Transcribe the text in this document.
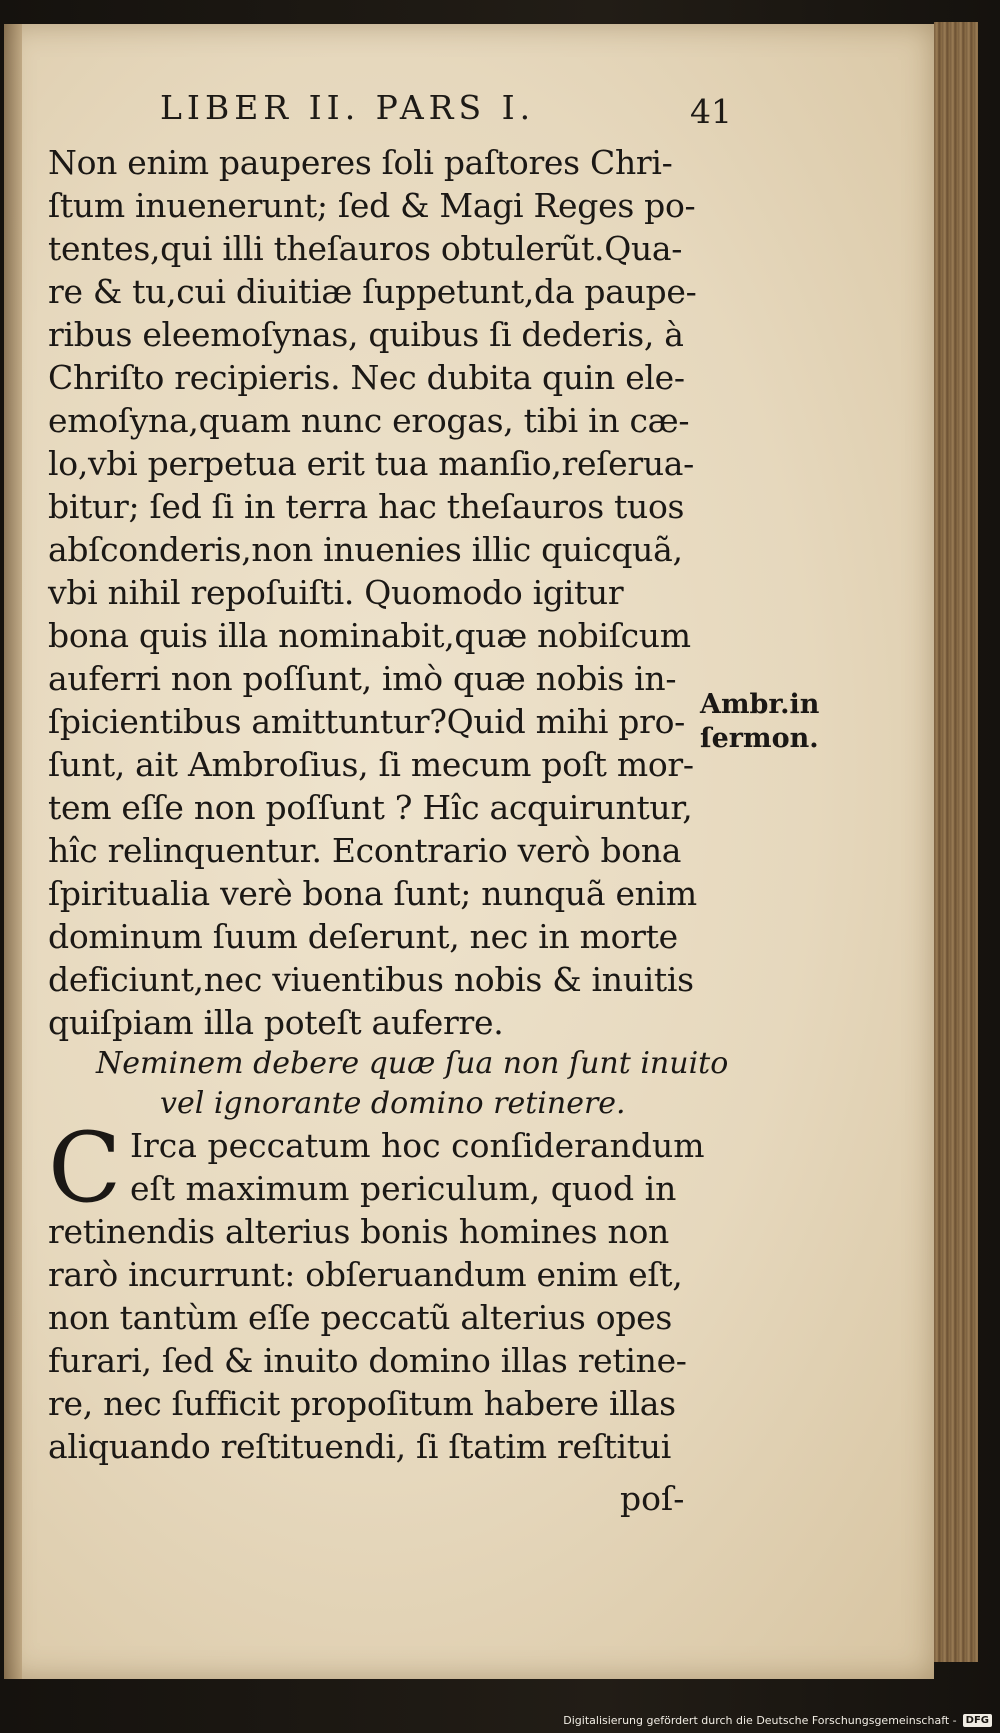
LIBER II. PARS I.	41
Non enim pauperes ſoli paſtores Chri-
ſtum inuenerunt; ſed & Magi Reges po-
tentes,qui illi theſauros obtulerũt.Qua-
re & tu,cui diuitiæ ſuppetunt,da paupe-
ribus eleemoſynas, quibus ſi dederis, à
Chriſto recipieris. Nec dubita quin ele-
emoſyna,quam nunc erogas, tibi in cæ-
lo,vbi perpetua erit tua manſio,reſerua-
bitur; ſed ſi in terra hac theſauros tuos
abſconderis,non inuenies illic quicquã,
vbi nihil repoſuiſti. Quomodo igitur
bona quis illa nominabit,quæ nobiſcum
auferri non poſſunt, imò quæ nobis in-
ſpicientibus amittuntur?Quid mihi pro-
ſunt, ait Ambroſius, ſi mecum poſt mor-
tem eſſe non poſſunt ? Hîc acquiruntur,
hîc relinquentur. Econtrario verò bona
ſpiritualia verè bona ſunt; nunquã enim
dominum ſuum deſerunt, nec in morte
deficiunt,nec viuentibus nobis & inuitis
quiſpiam illa poteſt auferre.
Neminem debere quæ ſua non ſunt inuito
vel ignorante domino retinere.
C Irca peccatum hoc conſiderandum
eſt maximum periculum, quod in
retinendis alterius bonis homines non
rarò incurrunt: obſeruandum enim eſt,
non tantùm eſſe peccatũ alterius opes
furari, ſed & inuito domino illas retine-
re, nec ſufficit propoſitum habere illas
aliquando reſtituendi, ſi ſtatim reſtitui
poſ-
Ambr.in
ſermon.
Digitalisierung gefördert durch die Deutsche Forschungsgemeinschaft - DFG
